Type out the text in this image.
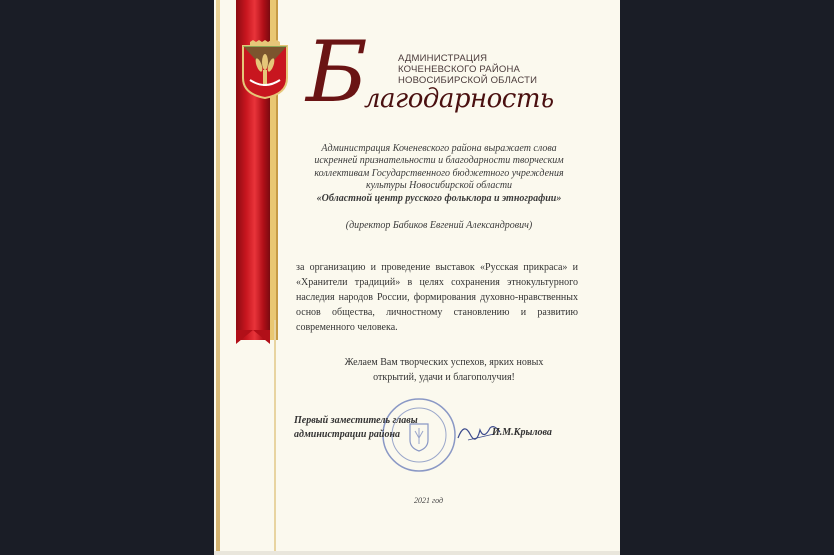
АДМИНИСТРАЦИЯ
КОЧЕНЕВСКОГО РАЙОНА
НОВОСИБИРСКОЙ ОБЛАСТИ
Б
лагодарность
Администрация Коченевского района выражает слова
искренней признательности и благодарности творческим
коллективам Государственного бюджетного учреждения
культуры Новосибирской области
«Областной центр русского фольклора и этнографии»
(директор Бабиков Евгений Александрович)
за организацию и проведение выставок «Русская прикраса» и «Хранители традиций» в целях сохранения этнокультурного наследия народов России, формирования духовно-нравственных основ общества, личностному становлению и развитию современного человека.
Желаем Вам творческих успехов, ярких новых
открытий, удачи и благополучия!
Первый заместитель главы
администрации района	И.М.Крылова
2021 год
